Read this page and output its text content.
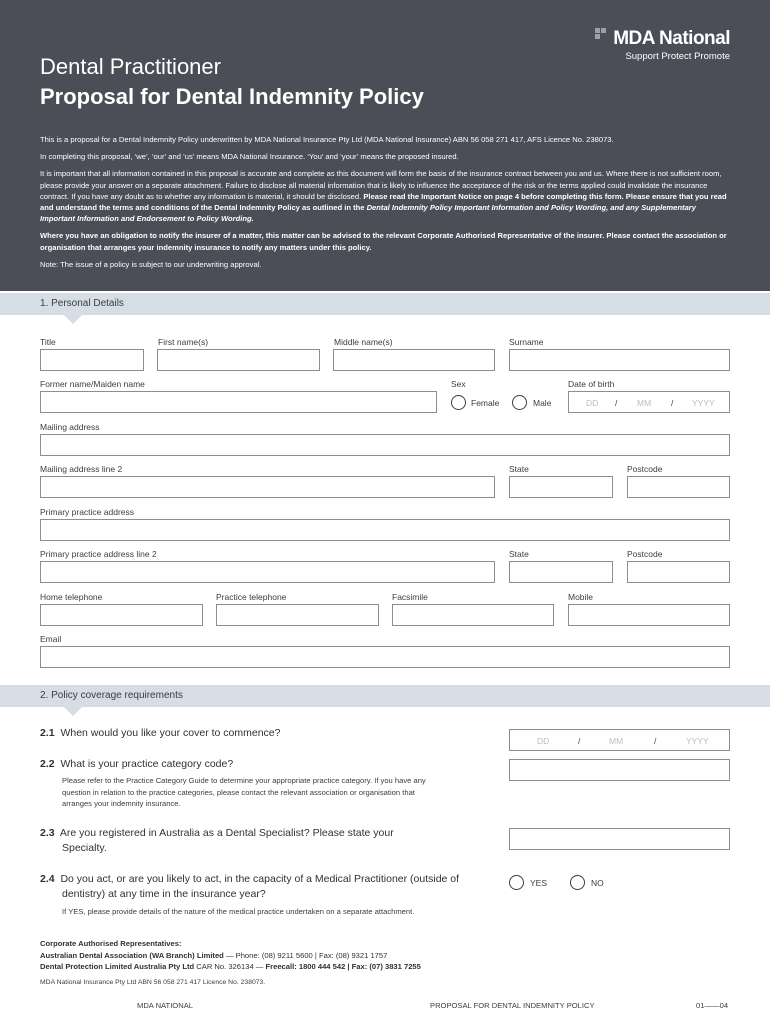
MDA National
Support Protect Promote
Dental Practitioner
Proposal for Dental Indemnity Policy

This is a proposal for a Dental Indemnity Policy underwritten by MDA National Insurance Pty Ltd (MDA National Insurance) ABN 56 058 271 417, AFS Licence No. 238073.

In completing this proposal, ‘we’, ‘our’ and ‘us’ means MDA National Insurance. ‘You’ and ‘your’ means the proposed insured.

It is important that all information contained in this proposal is accurate and complete as this document will form the basis of the insurance contract between you and us. Where there is not sufficient room, please provide your answer on a separate attachment. Failure to disclose all material information that is likely to influence the acceptance of the risk or the terms applied could invalidate the insurance contract. If you have any doubt as to whether any information is material, it should be disclosed. Please read the Important Notice on page 4 before completing this form. Please ensure that you read and understand the terms and conditions of the Dental Indemnity Policy as outlined in the Dental Indemnity Policy Important Information and Policy Wording, and any Supplementary Important Information and Endorsement to Policy Wording.

Where you have an obligation to notify the insurer of a matter, this matter can be advised to the relevant Corporate Authorised Representative of the insurer. Please contact the association or organisation that arranges your indemnity insurance to notify any matters under this policy.

Note: The issue of a policy is subject to our underwriting approval.

1. Personal Details
Title	First name(s)	Middle name(s)	Surname
Former name/Maiden name	Sex	Date of birth
Female	Male	DD / MM / YYYY
Mailing address
Mailing address line 2	State	Postcode
Primary practice address
Primary practice address line 2	State	Postcode
Home telephone	Practice telephone	Facsimile	Mobile
Email
2. Policy coverage requirements
2.1 When would you like your cover to commence?
DD	/	MM	/	YYYY
2.2 What is your practice category code?
Please refer to the Practice Category Guide to determine your appropriate practice category. If you have any question in relation to the practice categories, please contact the relevant association or organisation that arranges your indemnity insurance.
2.3 Are you registered in Australia as a Dental Specialist? Please state your Specialty.
2.4 Do you act, or are you likely to act, in the capacity of a Medical Practitioner (outside of dentistry) at any time in the insurance year?
If YES, please provide details of the nature of the medical practice undertaken on a separate attachment.
YES	NO
Corporate Authorised Representatives:
Australian Dental Association (WA Branch) Limited — Phone: (08) 9211 5600 | Fax: (08) 9321 1757
Dental Protection Limited Australia Pty Ltd CAR No. 326134 — Freecall: 1800 444 542 | Fax: (07) 3831 7255
MDA National Insurance Pty Ltd ABN 56 058 271 417 Licence No. 238073.
MDA NATIONAL	PROPOSAL FOR DENTAL INDEMNITY POLICY	01——04
